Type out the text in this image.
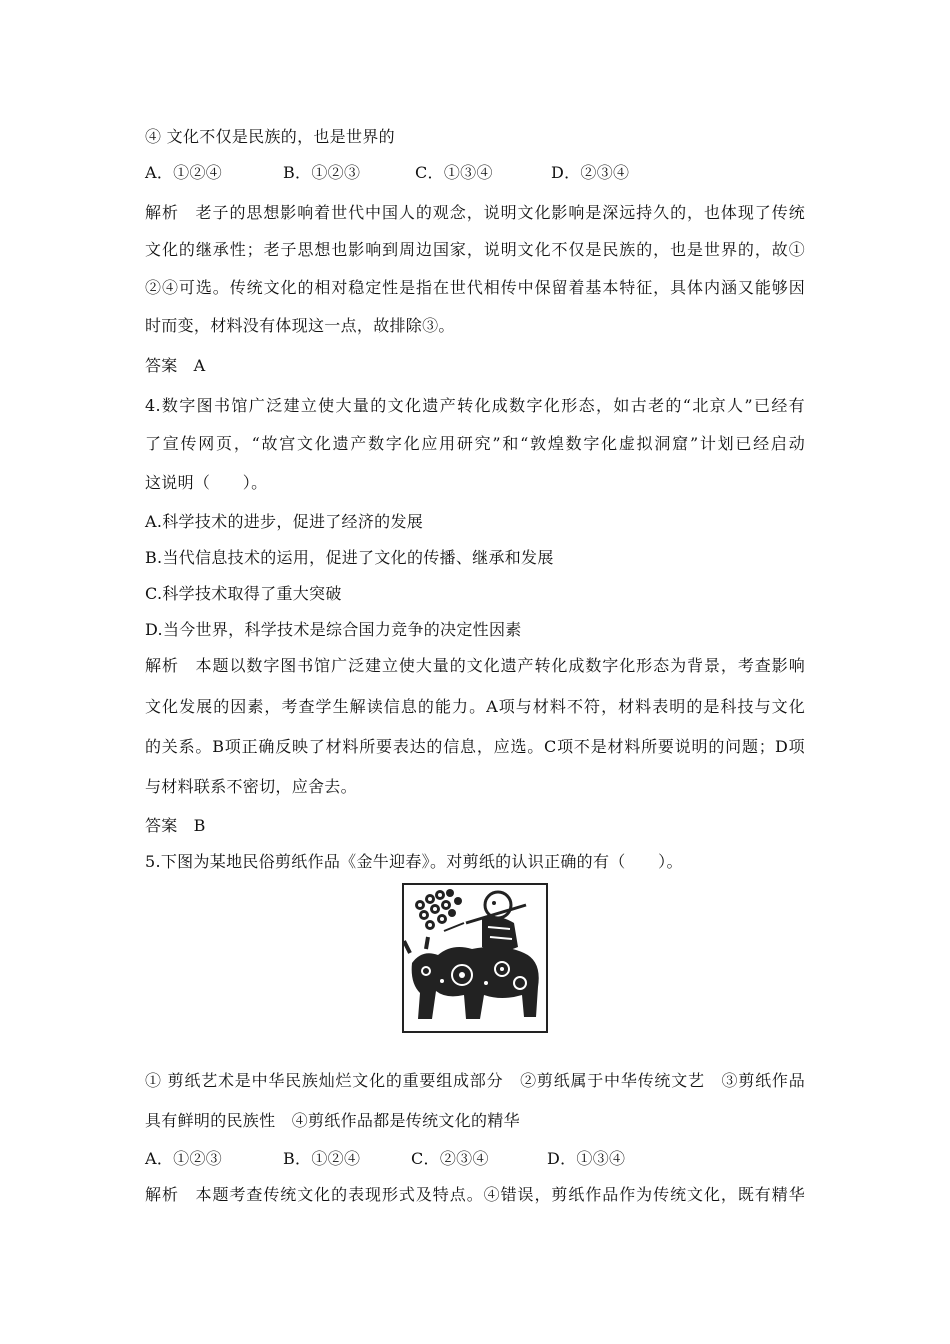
④ 文化不仅是民族的，也是世界的
A．①②④	B．①②③	C．①③④	D．②③④
解析 老子的思想影响着世代中国人的观念，说明文化影响是深远持久的，也体现了传统
文化的继承性；老子思想也影响到周边国家，说明文化不仅是民族的，也是世界的，故①
②④可选。传统文化的相对稳定性是指在世代相传中保留着基本特征，具体内涵又能够因
时而变，材料没有体现这一点，故排除③。
答案 A
4.数字图书馆广泛建立使大量的文化遗产转化成数字化形态，如古老的“北京人”已经有
了宣传网页，“故宫文化遗产数字化应用研究”和“敦煌数字化虚拟洞窟”计划已经启动
这说明（　　）。
A.科学技术的进步，促进了经济的发展
B.当代信息技术的运用，促进了文化的传播、继承和发展
C.科学技术取得了重大突破
D.当今世界，科学技术是综合国力竞争的决定性因素
解析 本题以数字图书馆广泛建立使大量的文化遗产转化成数字化形态为背景，考查影响
文化发展的因素，考查学生解读信息的能力。A项与材料不符，材料表明的是科技与文化
的关系。B项正确反映了材料所要表达的信息，应选。C项不是材料所要说明的问题；D项
与材料联系不密切，应舍去。
答案 B
5.下图为某地民俗剪纸作品《金牛迎春》。对剪纸的认识正确的有（　　）。
① 剪纸艺术是中华民族灿烂文化的重要组成部分　②剪纸属于中华传统文艺　③剪纸作品
具有鲜明的民族性　④剪纸作品都是传统文化的精华
A．①②③	B．①②④	C．②③④	D．①③④
解析 本题考查传统文化的表现形式及特点。④错误，剪纸作品作为传统文化，既有精华
